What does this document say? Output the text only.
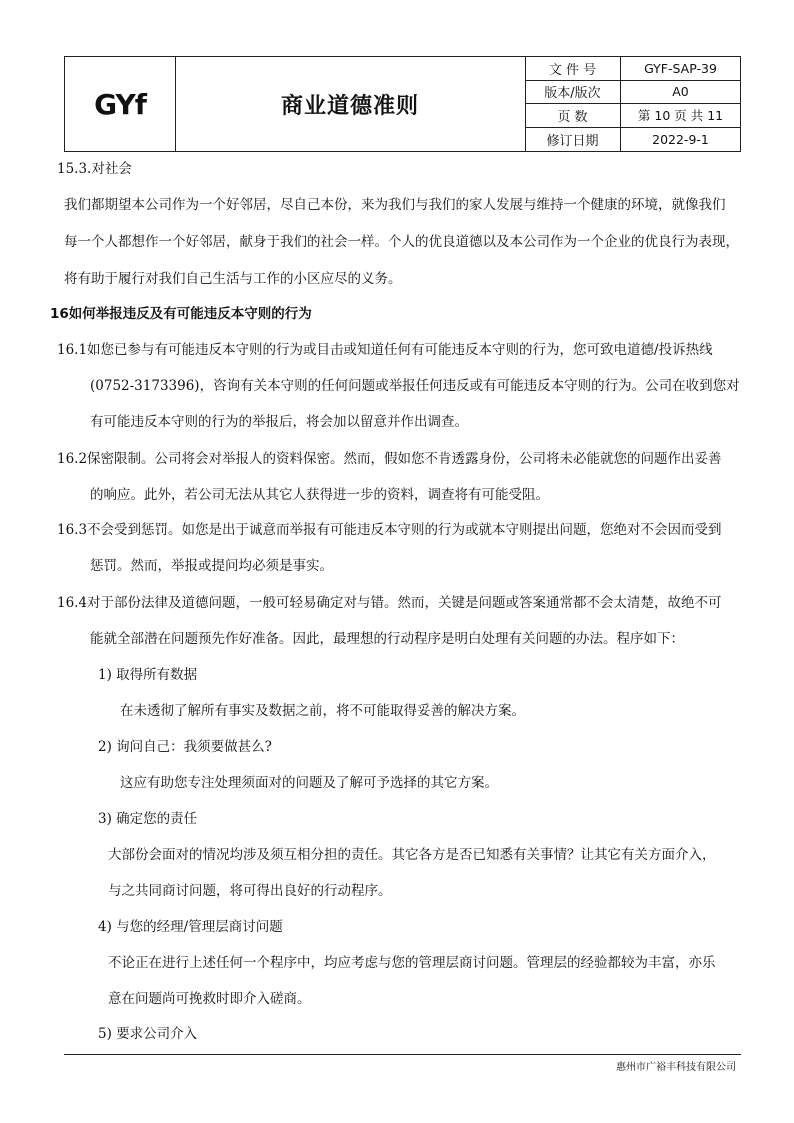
GYf	商业道德准则
文 件 号	GYF-SAP-39
版本/版次	A0
页 数	第 10 页 共 11
修订日期	2022-9-1
15.3.对社会
我们都期望本公司作为一个好邻居，尽自己本份，来为我们与我们的家人发展与维持一个健康的环境，就像我们
每一个人都想作一个好邻居，献身于我们的社会一样。个人的优良道德以及本公司作为一个企业的优良行为表现，
将有助于履行对我们自己生活与工作的小区应尽的义务。
16如何举报违反及有可能违反本守则的行为
16.1如您已参与有可能违反本守则的行为或目击或知道任何有可能违反本守则的行为，您可致电道德/投诉热线
(0752-3173396)，咨询有关本守则的任何问题或举报任何违反或有可能违反本守则的行为。公司在收到您对
有可能违反本守则的行为的举报后，将会加以留意并作出调查。
16.2保密限制。公司将会对举报人的资料保密。然而，假如您不肯透露身份，公司将未必能就您的问题作出妥善
的响应。此外，若公司无法从其它人获得进一步的资料，调查将有可能受阻。
16.3不会受到惩罚。如您是出于诚意而举报有可能违反本守则的行为或就本守则提出问题，您绝对不会因而受到
惩罚。然而，举报或提问均必须是事实。
16.4对于部份法律及道德问题，一般可轻易确定对与错。然而，关键是问题或答案通常都不会太清楚，故绝不可
能就全部潜在问题预先作好准备。因此，最理想的行动程序是明白处理有关问题的办法。程序如下：
1) 取得所有数据
在未透彻了解所有事实及数据之前，将不可能取得妥善的解决方案。
2) 询问自己：我须要做甚么?
这应有助您专注处理须面对的问题及了解可予选择的其它方案。
3) 确定您的责任
大部份会面对的情况均涉及须互相分担的责任。其它各方是否已知悉有关事情？让其它有关方面介入，
与之共同商讨问题，将可得出良好的行动程序。
4) 与您的经理/管理层商讨问题
不论正在进行上述任何一个程序中，均应考虑与您的管理层商讨问题。管理层的经验都较为丰富，亦乐
意在问题尚可挽救时即介入磋商。
5) 要求公司介入
惠州市广裕丰科技有限公司
